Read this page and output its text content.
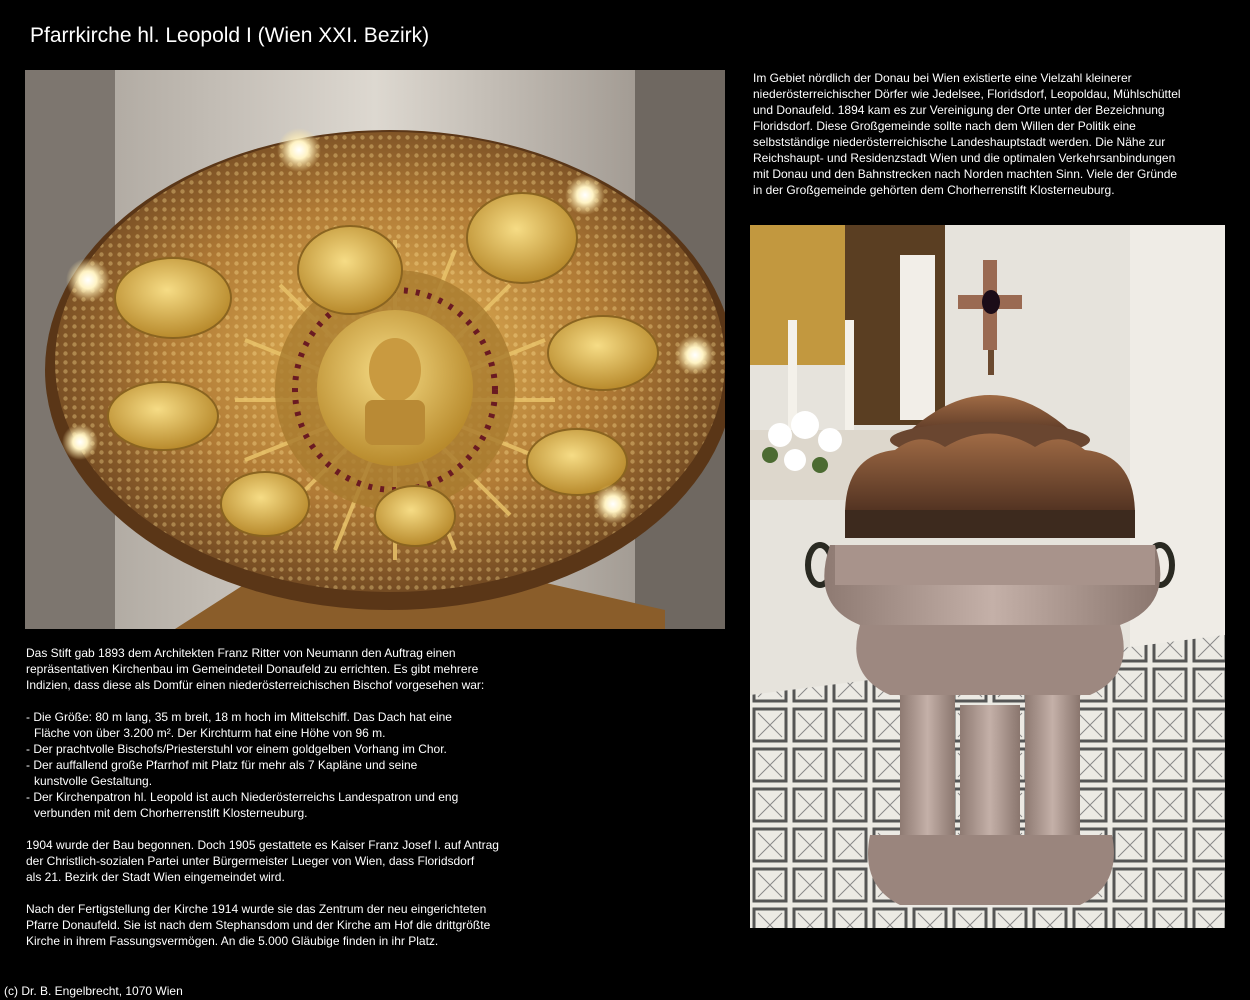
Pfarrkirche hl. Leopold I (Wien XXI. Bezirk)

Im Gebiet nördlich der Donau bei Wien existierte eine Vielzahl kleinerer

niederösterreichischer Dörfer wie Jedelsee, Floridsdorf, Leopoldau, Mühlschüttel

und Donaufeld. 1894 kam es zur Vereinigung der Orte unter der Bezeichnung

Floridsdorf. Diese Großgemeinde sollte nach dem Willen der Politik eine

selbstständige niederösterreichische Landeshauptstadt werden. Die Nähe zur

Reichshaupt- und Residenzstadt Wien und die optimalen Verkehrsanbindungen

mit Donau und den Bahnstrecken nach Norden machten Sinn. Viele der Gründe

in der Großgemeinde gehörten dem Chorherrenstift Klosterneuburg.

Das Stift gab 1893 dem Architekten Franz Ritter von Neumann den Auftrag einen

repräsentativen Kirchenbau im Gemeindeteil Donaufeld zu errichten. Es gibt mehrere

Indizien, dass diese als Domfür einen niederösterreichischen Bischof vorgesehen war:

- Die Größe: 80 m lang, 35 m breit, 18 m hoch im Mittelschiff. Das Dach hat eine

Fläche von über 3.200 m². Der Kirchturm hat eine Höhe von 96 m.

- Der prachtvolle Bischofs/Priesterstuhl vor einem goldgelben Vorhang im Chor.

- Der auffallend große Pfarrhof mit Platz für mehr als 7 Kapläne und seine

kunstvolle Gestaltung.

- Der Kirchenpatron hl. Leopold ist auch Niederösterreichs Landespatron und eng

verbunden mit dem Chorherrenstift Klosterneuburg.

1904 wurde der Bau begonnen. Doch 1905 gestattete es Kaiser Franz Josef I. auf Antrag

der Christlich-sozialen Partei unter Bürgermeister Lueger von Wien, dass Floridsdorf

als 21. Bezirk der Stadt Wien eingemeindet wird.

Nach der Fertigstellung der Kirche 1914 wurde sie das Zentrum der neu eingerichteten

Pfarre Donaufeld. Sie ist nach dem Stephansdom und der Kirche am Hof die drittgrößte

Kirche in ihrem Fassungsvermögen. An die 5.000 Gläubige finden in ihr Platz.

(c) Dr. B. Engelbrecht, 1070 Wien
